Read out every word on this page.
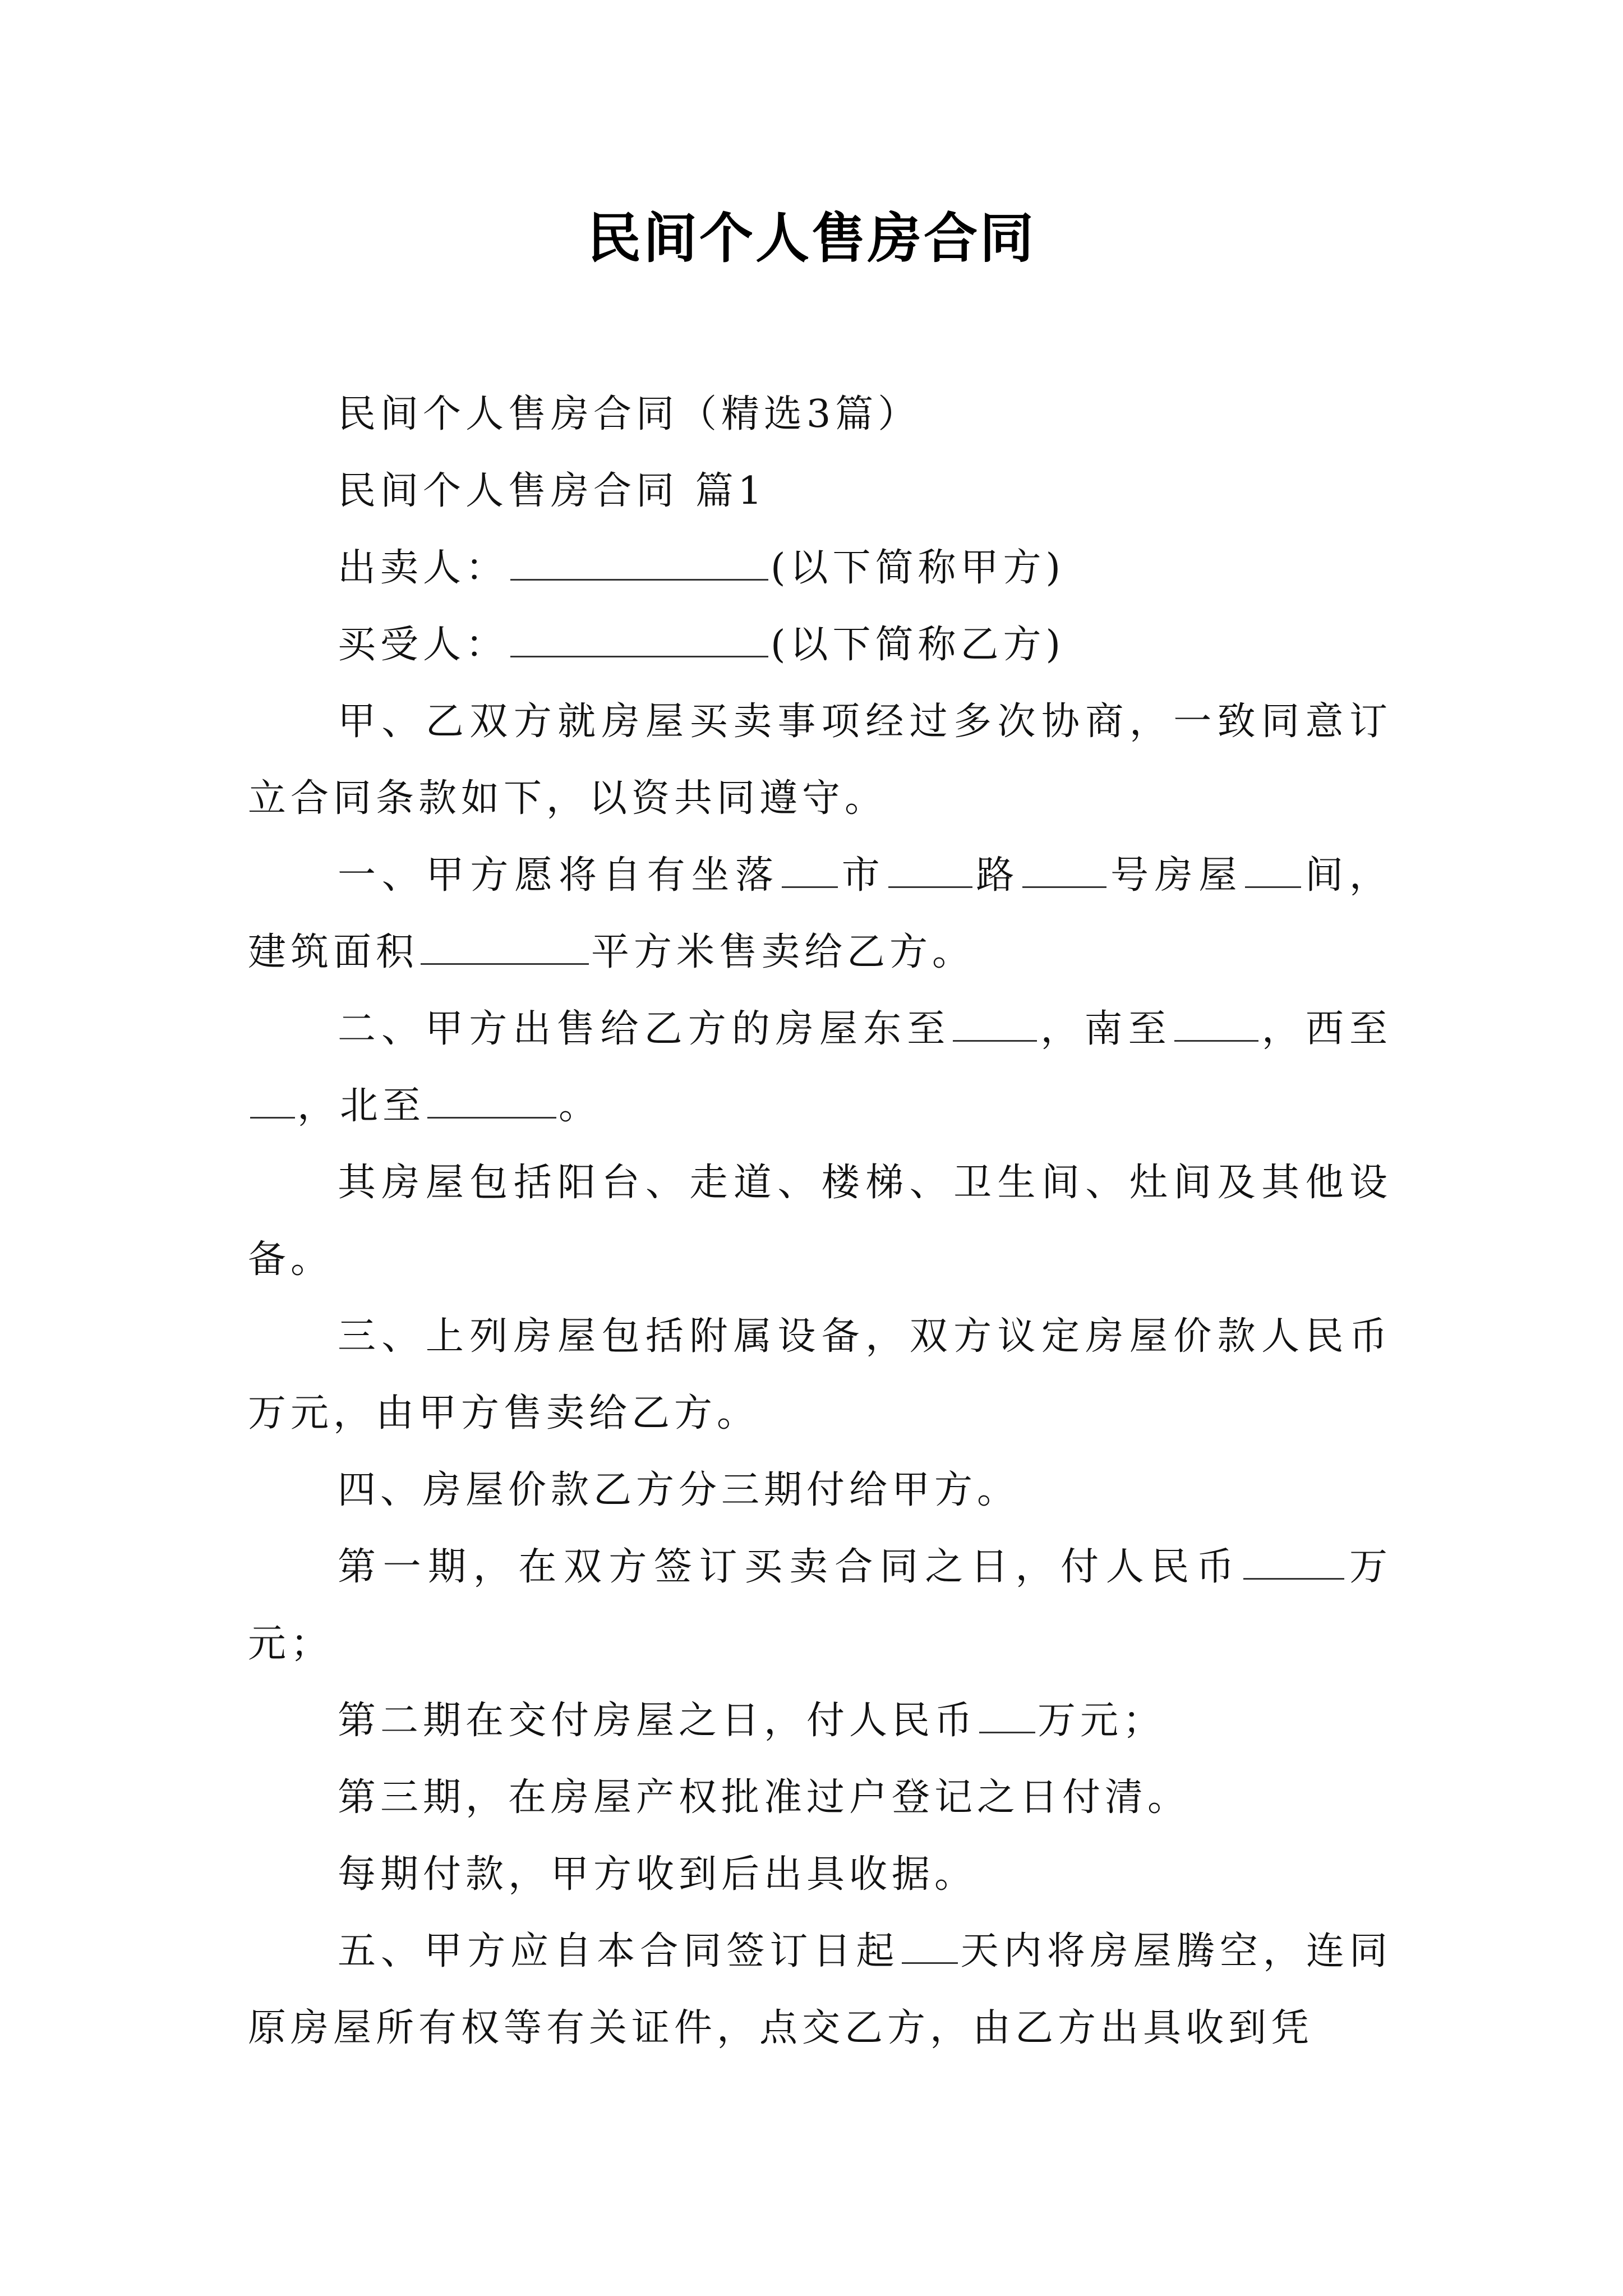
民间个人售房合同

民间个人售房合同（精选3篇）

民间个人售房合同 篇1

出卖人：	(以下简称甲方)

买受人：	(以下简称乙方)

甲、乙双方就房屋买卖事项经过多次协商，一致同意订立合同条款如下，以资共同遵守。

一、甲方愿将自有坐落 市 路 号房屋 间，建筑面积	平方米售卖给乙方。

二、甲方出售给乙方的房屋东至 ，南至 ，西至，北至	。

其房屋包括阳台、走道、楼梯、卫生间、灶间及其他设备。

三、上列房屋包括附属设备，双方议定房屋价款人民币万元，由甲方售卖给乙方。

四、房屋价款乙方分三期付给甲方。

第一期，在双方签订买卖合同之日，付人民币	万元；

第二期在交付房屋之日，付人民币 万元；

第三期，在房屋产权批准过户登记之日付清。

每期付款，甲方收到后出具收据。

五、甲方应自本合同签订日起 天内将房屋腾空，连同原房屋所有权等有关证件，点交乙方，由乙方出具收到凭
